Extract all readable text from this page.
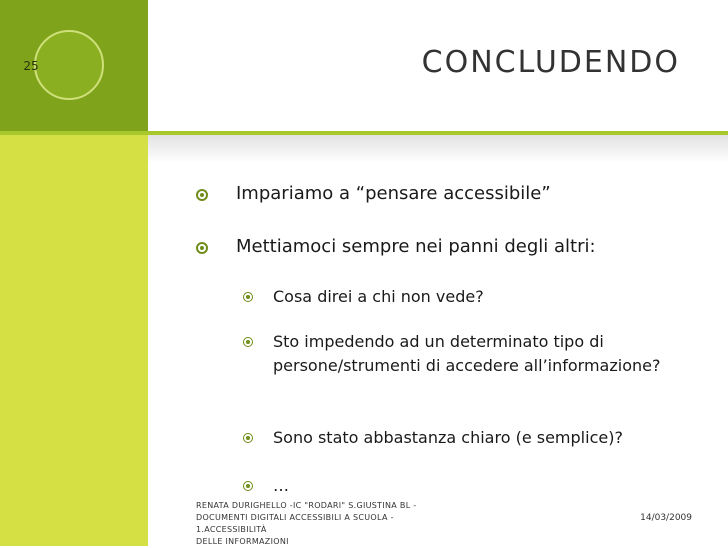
25	CONCLUDENDO
Impariamo a “pensare accessibile”
Mettiamoci sempre nei panni degli altri:
Cosa direi a chi non vede?
Sto impedendo ad un determinato tipo di persone/strumenti di accedere all’informazione?
Sono stato abbastanza chiaro (e semplice)?
…
RENATA DURIGHELLO -IC "RODARI" S.GIUSTINA BL -
DOCUMENTI DIGITALI ACCESSIBILI A SCUOLA - 1.ACCESSIBILITÀ
DELLE INFORMAZIONI
14/03/2009
